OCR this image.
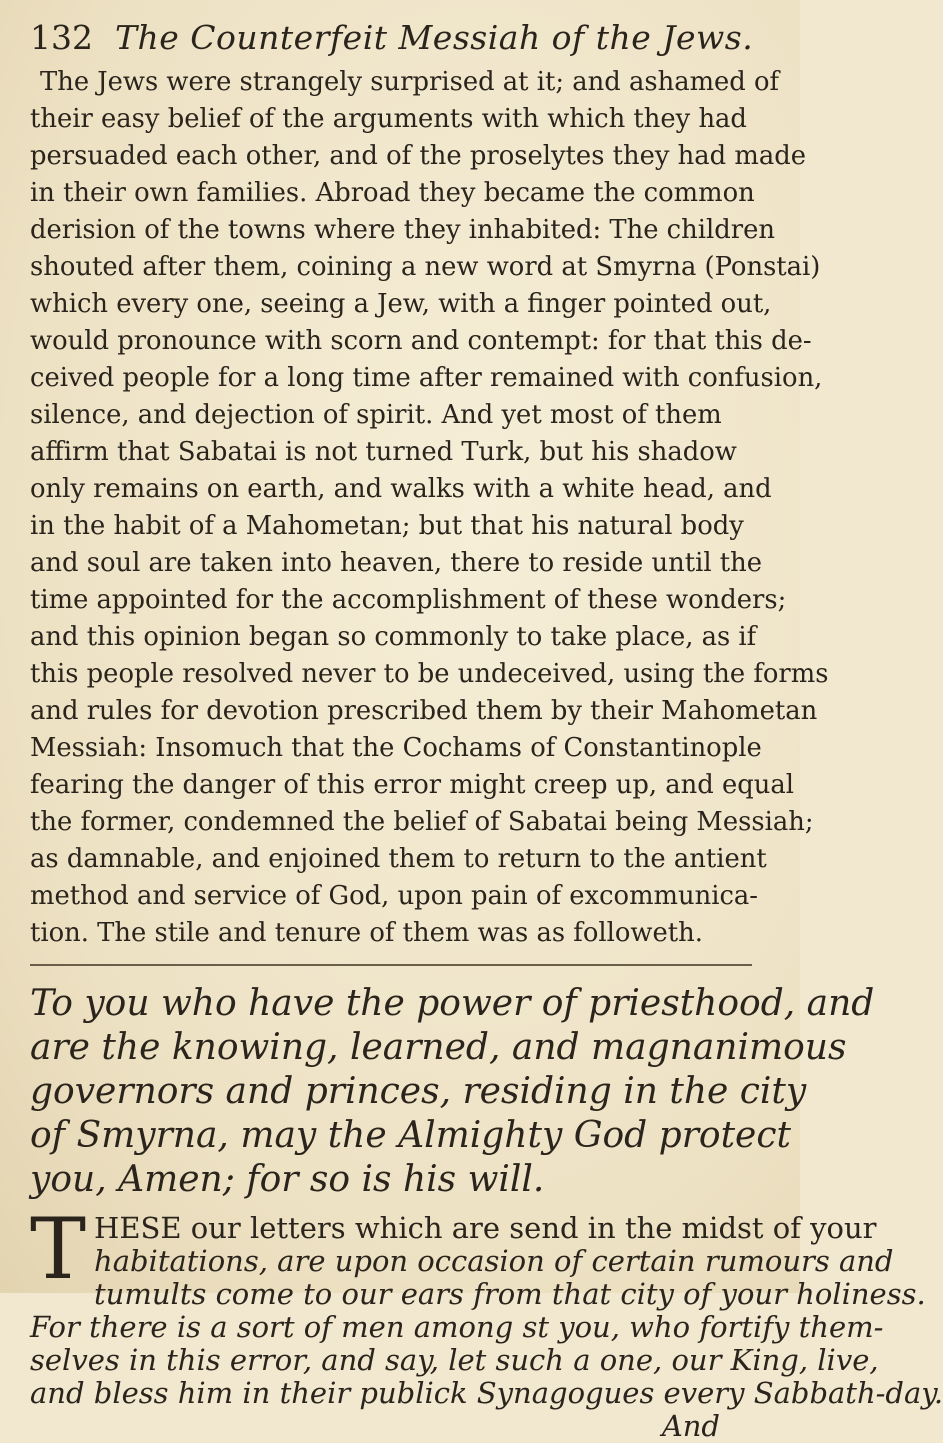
132 The Counterfeit Messiah of the Jews.
The Jews were strangely surprised at it; and ashamed of
their easy belief of the arguments with which they had
persuaded each other, and of the proselytes they had made
in their own families. Abroad they became the common
derision of the towns where they inhabited: The children
shouted after them, coining a new word at Smyrna (Ponstai)
which every one, seeing a Jew, with a finger pointed out,
would pronounce with scorn and contempt: for that this de-
ceived people for a long time after remained with confusion,
silence, and dejection of spirit. And yet most of them
affirm that Sabatai is not turned Turk, but his shadow
only remains on earth, and walks with a white head, and
in the habit of a Mahometan; but that his natural body
and soul are taken into heaven, there to reside until the
time appointed for the accomplishment of these wonders;
and this opinion began so commonly to take place, as if
this people resolved never to be undeceived, using the forms
and rules for devotion prescribed them by their Mahometan
Messiah: Insomuch that the Cochams of Constantinople
fearing the danger of this error might creep up, and equal
the former, condemned the belief of Sabatai being Messiah;
as damnable, and enjoined them to return to the antient
method and service of God, upon pain of excommunica-
tion. The stile and tenure of them was as followeth.
To you who have the power of priesthood, and
are the knowing, learned, and magnanimous
governors and princes, residing in the city
of Smyrna, may the Almighty God protect
you, Amen; for so is his will.
T HESE our letters which are send in the midst of your
habitations, are upon occasion of certain rumours and
tumults come to our ears from that city of your holiness.
For there is a sort of men among st you, who fortify them-
selves in this error, and say, let such a one, our King, live,
and bless him in their publick Synagogues every Sabbath-day.
And
